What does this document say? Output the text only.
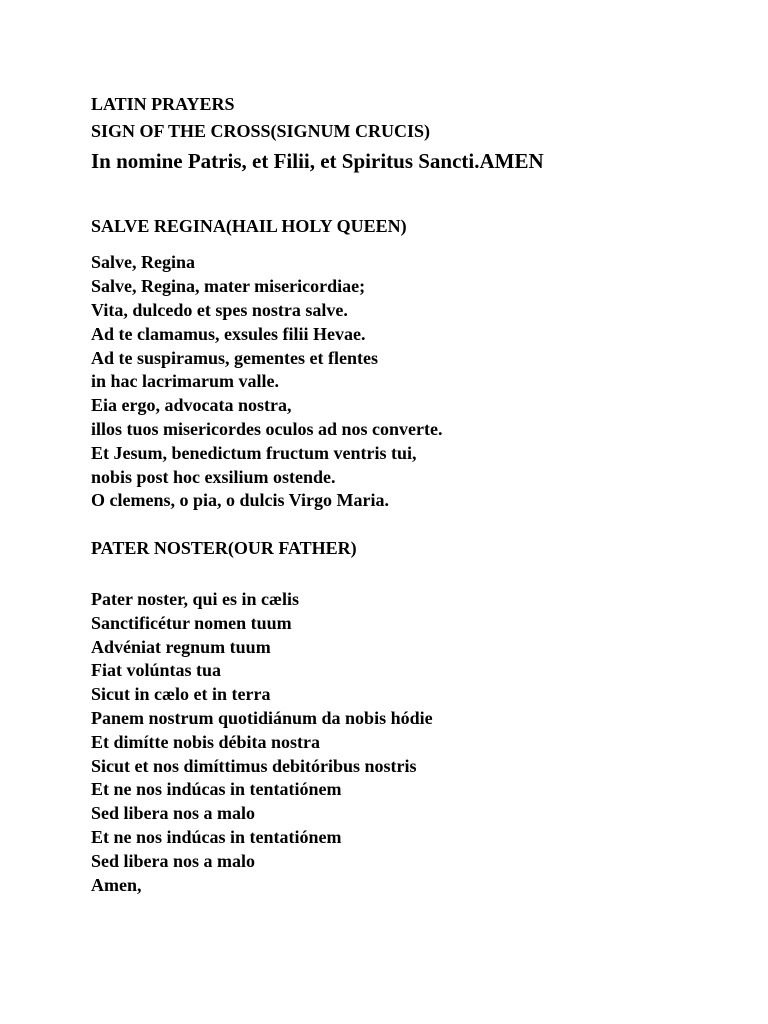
LATIN PRAYERS
SIGN OF THE CROSS(SIGNUM CRUCIS)
In nomine Patris, et Filii, et Spiritus Sancti.AMEN
SALVE REGINA(HAIL HOLY QUEEN)
Salve, Regina
Salve, Regina, mater misericordiae;
Vita, dulcedo et spes nostra salve.
Ad te clamamus, exsules filii Hevae.
Ad te suspiramus, gementes et flentes
in hac lacrimarum valle.
Eia ergo, advocata nostra,
illos tuos misericordes oculos ad nos converte.
Et Jesum, benedictum fructum ventris tui,
nobis post hoc exsilium ostende.
O clemens, o pia, o dulcis Virgo Maria.
PATER NOSTER(OUR FATHER)
Pater noster, qui es in cælis
Sanctificétur nomen tuum
Advéniat regnum tuum
Fiat volúntas tua
Sicut in cælo et in terra
Panem nostrum quotidiánum da nobis hódie
Et dimítte nobis débita nostra
Sicut et nos dimíttimus debitóribus nostris
Et ne nos indúcas in tentatiónem
Sed libera nos a malo
Et ne nos indúcas in tentatiónem
Sed libera nos a malo
Amen,
